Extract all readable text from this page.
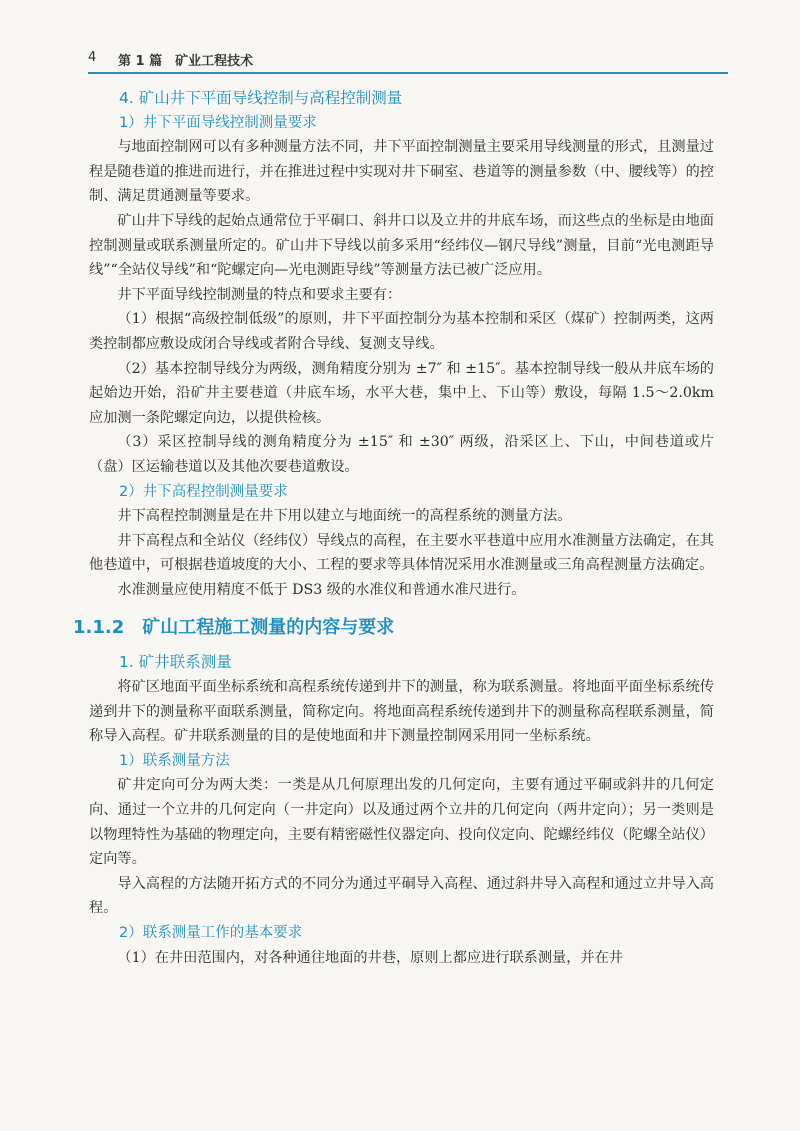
4 第 1 篇　矿业工程技术
4. 矿山井下平面导线控制与高程控制测量
1）井下平面导线控制测量要求
与地面控制网可以有多种测量方法不同，井下平面控制测量主要采用导线测量的形式，且测量过程是随巷道的推进而进行，并在推进过程中实现对井下硐室、巷道等的测量参数（中、腰线等）的控制、满足贯通测量等要求。
矿山井下导线的起始点通常位于平硐口、斜井口以及立井的井底车场，而这些点的坐标是由地面控制测量或联系测量所定的。矿山井下导线以前多采用“经纬仪—钢尺导线”测量，目前“光电测距导线”“全站仪导线”和“陀螺定向—光电测距导线”等测量方法已被广泛应用。
井下平面导线控制测量的特点和要求主要有：
（1）根据“高级控制低级”的原则，井下平面控制分为基本控制和采区（煤矿）控制两类，这两类控制都应敷设成闭合导线或者附合导线、复测支导线。
（2）基本控制导线分为两级，测角精度分别为 ±7″ 和 ±15″。基本控制导线一般从井底车场的起始边开始，沿矿井主要巷道（井底车场，水平大巷，集中上、下山等）敷设，每隔 1.5～2.0km 应加测一条陀螺定向边，以提供检核。
（3）采区控制导线的测角精度分为 ±15″ 和 ±30″ 两级，沿采区上、下山，中间巷道或片（盘）区运输巷道以及其他次要巷道敷设。
2）井下高程控制测量要求
井下高程控制测量是在井下用以建立与地面统一的高程系统的测量方法。
井下高程点和全站仪（经纬仪）导线点的高程，在主要水平巷道中应用水准测量方法确定，在其他巷道中，可根据巷道坡度的大小、工程的要求等具体情况采用水准测量或三角高程测量方法确定。
水准测量应使用精度不低于 DS3 级的水准仪和普通水准尺进行。
1.1.2 矿山工程施工测量的内容与要求
1. 矿井联系测量
将矿区地面平面坐标系统和高程系统传递到井下的测量，称为联系测量。将地面平面坐标系统传递到井下的测量称平面联系测量，简称定向。将地面高程系统传递到井下的测量称高程联系测量，简称导入高程。矿井联系测量的目的是使地面和井下测量控制网采用同一坐标系统。
1）联系测量方法
矿井定向可分为两大类：一类是从几何原理出发的几何定向，主要有通过平硐或斜井的几何定向、通过一个立井的几何定向（一井定向）以及通过两个立井的几何定向（两井定向）；另一类则是以物理特性为基础的物理定向，主要有精密磁性仪器定向、投向仪定向、陀螺经纬仪（陀螺全站仪）定向等。
导入高程的方法随开拓方式的不同分为通过平硐导入高程、通过斜井导入高程和通过立井导入高程。
2）联系测量工作的基本要求
（1）在井田范围内，对各种通往地面的井巷，原则上都应进行联系测量，并在井
